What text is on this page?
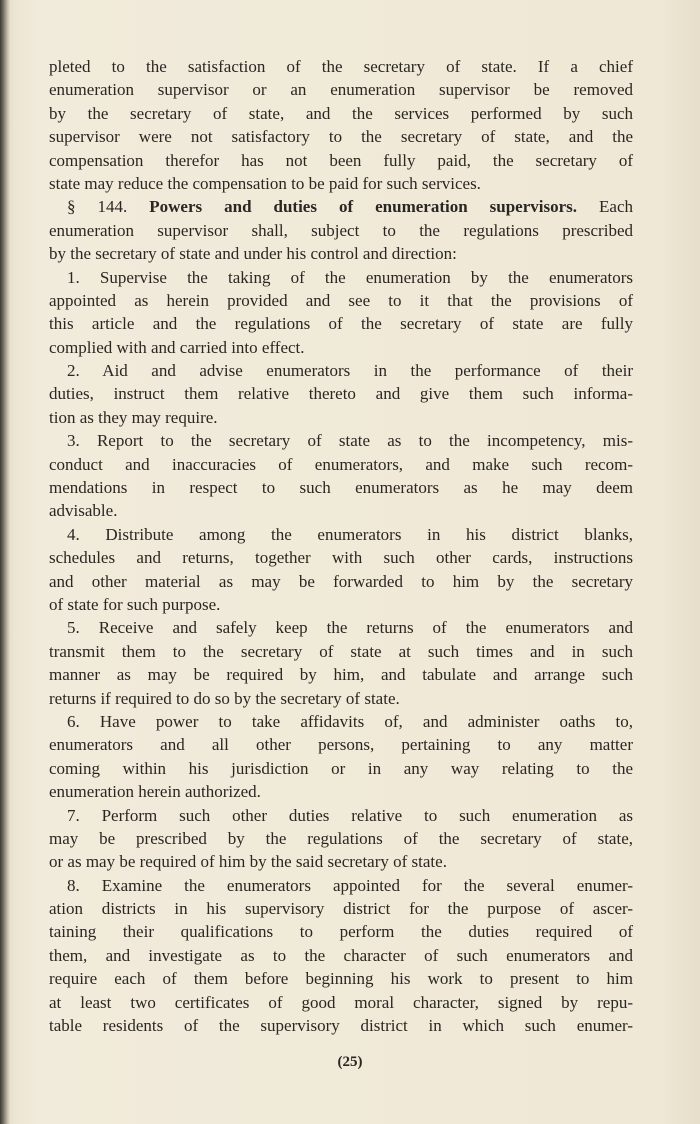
pleted to the satisfaction of the secretary of state. If a chief
enumeration supervisor or an enumeration supervisor be removed
by the secretary of state, and the services performed by such
supervisor were not satisfactory to the secretary of state, and the
compensation therefor has not been fully paid, the secretary of
state may reduce the compensation to be paid for such services.

§ 144. Powers and duties of enumeration supervisors. Each
enumeration supervisor shall, subject to the regulations prescribed
by the secretary of state and under his control and direction:

1. Supervise the taking of the enumeration by the enumerators
appointed as herein provided and see to it that the provisions of
this article and the regulations of the secretary of state are fully
complied with and carried into effect.

2. Aid and advise enumerators in the performance of their
duties, instruct them relative thereto and give them such informa-
tion as they may require.

3. Report to the secretary of state as to the incompetency, mis-
conduct and inaccuracies of enumerators, and make such recom-
mendations in respect to such enumerators as he may deem
advisable.

4. Distribute among the enumerators in his district blanks,
schedules and returns, together with such other cards, instructions
and other material as may be forwarded to him by the secretary
of state for such purpose.

5. Receive and safely keep the returns of the enumerators and
transmit them to the secretary of state at such times and in such
manner as may be required by him, and tabulate and arrange such
returns if required to do so by the secretary of state.

6. Have power to take affidavits of, and administer oaths to,
enumerators and all other persons, pertaining to any matter
coming within his jurisdiction or in any way relating to the
enumeration herein authorized.

7. Perform such other duties relative to such enumeration as
may be prescribed by the regulations of the secretary of state,
or as may be required of him by the said secretary of state.

8. Examine the enumerators appointed for the several enumer-
ation districts in his supervisory district for the purpose of ascer-
taining their qualifications to perform the duties required of
them, and investigate as to the character of such enumerators and
require each of them before beginning his work to present to him
at least two certificates of good moral character, signed by repu-
table residents of the supervisory district in which such enumer-

(25)
